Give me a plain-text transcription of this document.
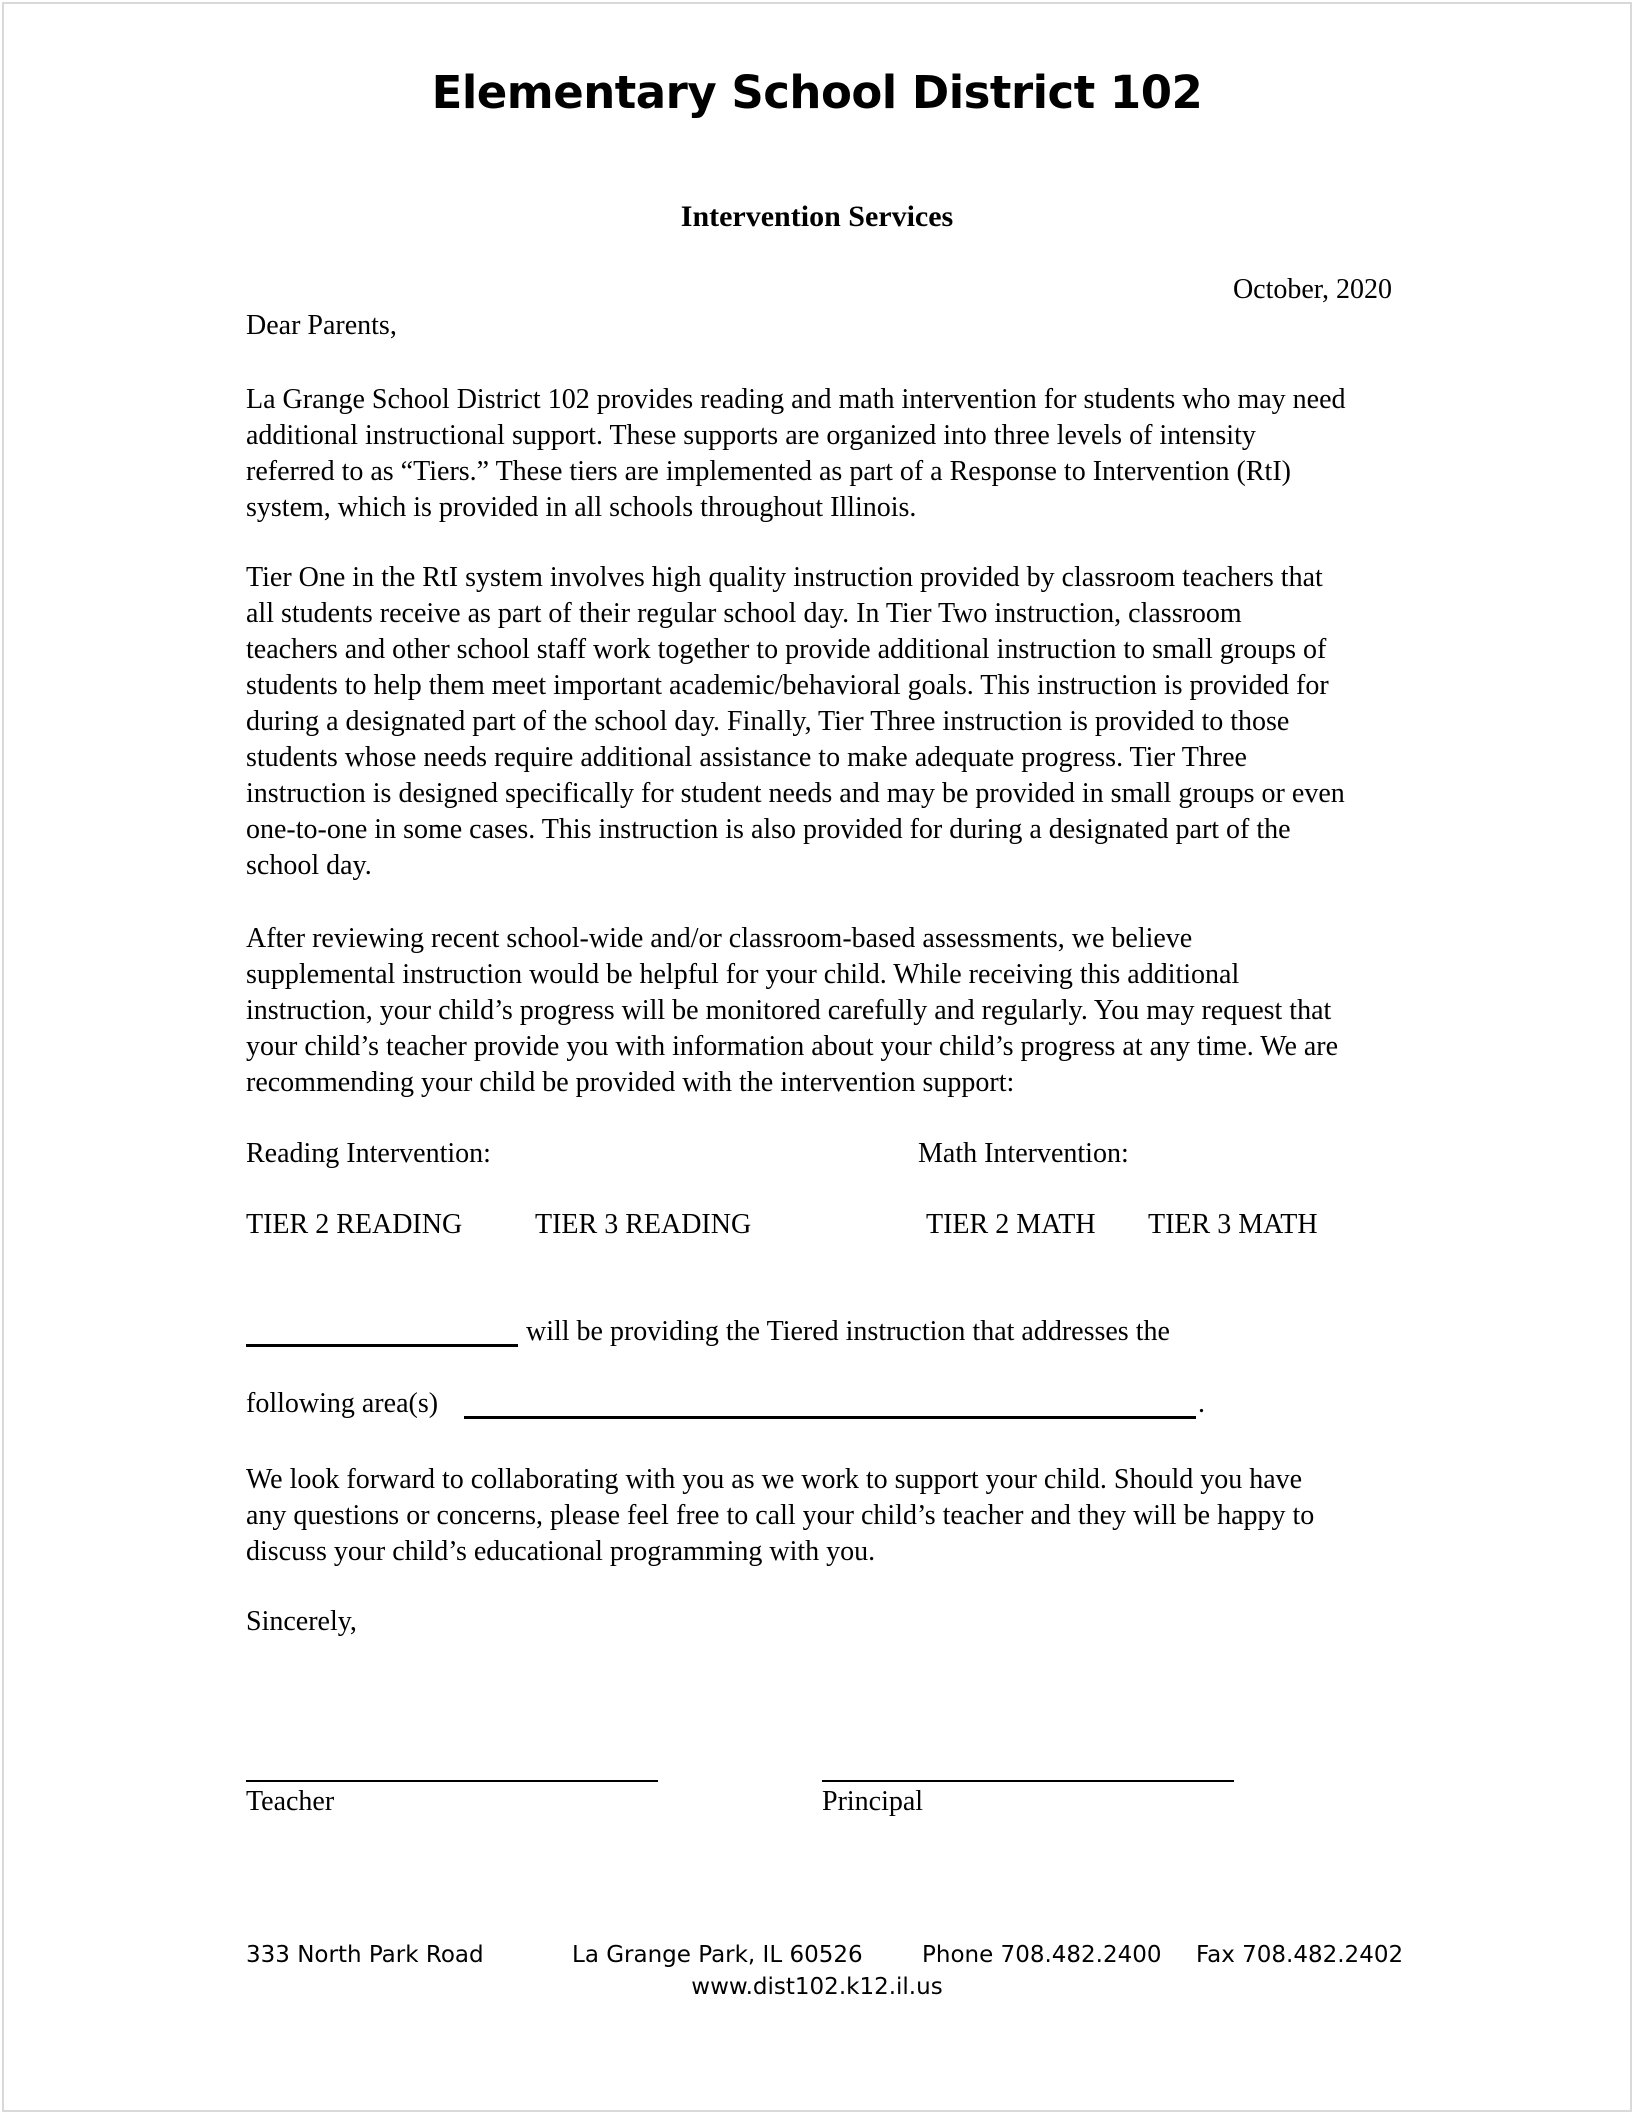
Elementary School District 102
Intervention Services
October, 2020
Dear Parents,
La Grange School District 102 provides reading and math intervention for students who may need
additional instructional support. These supports are organized into three levels of intensity
referred to as “Tiers.” These tiers are implemented as part of a Response to Intervention (RtI)
system, which is provided in all schools throughout Illinois.
Tier One in the RtI system involves high quality instruction provided by classroom teachers that
all students receive as part of their regular school day. In Tier Two instruction, classroom
teachers and other school staff work together to provide additional instruction to small groups of
students to help them meet important academic/behavioral goals. This instruction is provided for
during a designated part of the school day. Finally, Tier Three instruction is provided to those
students whose needs require additional assistance to make adequate progress. Tier Three
instruction is designed specifically for student needs and may be provided in small groups or even
one-to-one in some cases. This instruction is also provided for during a designated part of the
school day.
After reviewing recent school-wide and/or classroom-based assessments, we believe
supplemental instruction would be helpful for your child. While receiving this additional
instruction, your child’s progress will be monitored carefully and regularly. You may request that
your child’s teacher provide you with information about your child’s progress at any time. We are
recommending your child be provided with the intervention support:
Reading Intervention:	Math Intervention:
TIER 2 READING	TIER 3 READING	TIER 2 MATH TIER 3 MATH
will be providing the Tiered instruction that addresses the
following area(s)	.
We look forward to collaborating with you as we work to support your child. Should you have
any questions or concerns, please feel free to call your child’s teacher and they will be happy to
discuss your child’s educational programming with you.
Sincerely,
Teacher	Principal
333 North Park Road	La Grange Park, IL 60526	Phone 708.482.2400 Fax 708.482.2402
www.dist102.k12.il.us
